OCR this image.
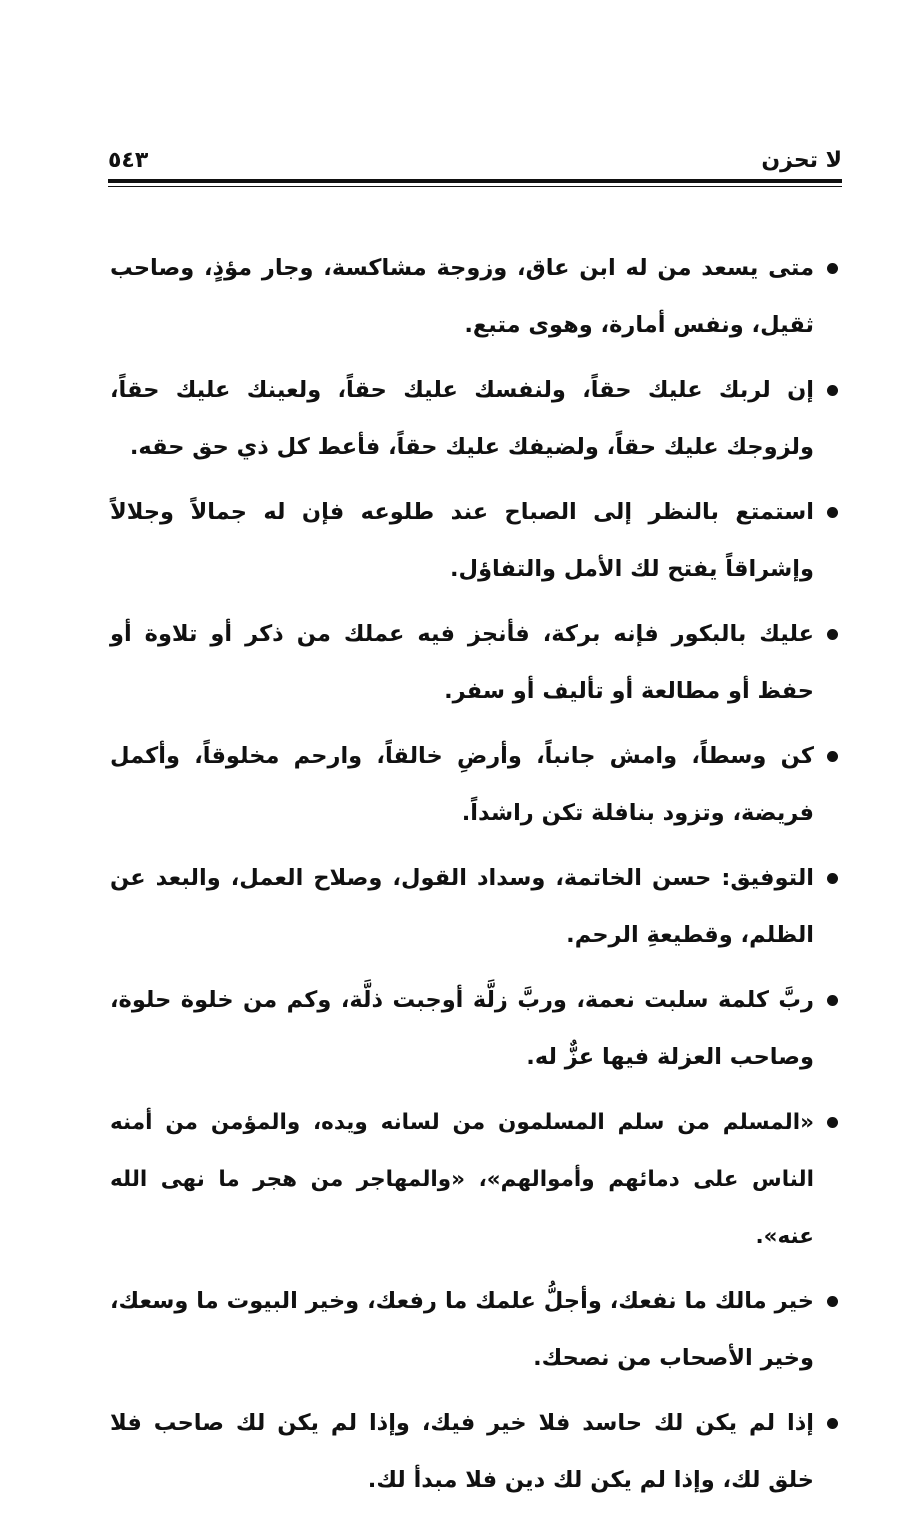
لا تحزن
٥٤٣

متى يسعد من له ابن عاق، وزوجة مشاكسة، وجار مؤذٍ، وصاحب ثقيل، ونفس أمارة، وهوى متبع.

إن لربك عليك حقاً، ولنفسك عليك حقاً، ولعينك عليك حقاً، ولزوجك عليك حقاً، ولضيفك عليك حقاً، فأعط كل ذي حق حقه.

استمتع بالنظر إلى الصباح عند طلوعه فإن له جمالاً وجلالاً وإشراقاً يفتح لك الأمل والتفاؤل.

عليك بالبكور فإنه بركة، فأنجز فيه عملك من ذكر أو تلاوة أو حفظ أو مطالعة أو تأليف أو سفر.

كن وسطاً، وامش جانباً، وأرضِ خالقاً، وارحم مخلوقاً، وأكمل فريضة، وتزود بنافلة تكن راشداً.

التوفيق: حسن الخاتمة، وسداد القول، وصلاح العمل، والبعد عن الظلم، وقطيعةِ الرحم.

ربَّ كلمة سلبت نعمة، وربَّ زلَّة أوجبت ذلَّة، وكم من خلوة حلوة، وصاحب العزلة فيها عزٌّ له.

«المسلم من سلم المسلمون من لسانه ويده، والمؤمن من أمنه الناس على دمائهم وأموالهم»، «والمهاجر من هجر ما نهى الله عنه».

خير مالك ما نفعك، وأجلُّ علمك ما رفعك، وخير البيوت ما وسعك، وخير الأصحاب من نصحك.

إذا لم يكن لك حاسد فلا خير فيك، وإذا لم يكن لك صاحب فلا خلق لك، وإذا لم يكن لك دين فلا مبدأ لك.
